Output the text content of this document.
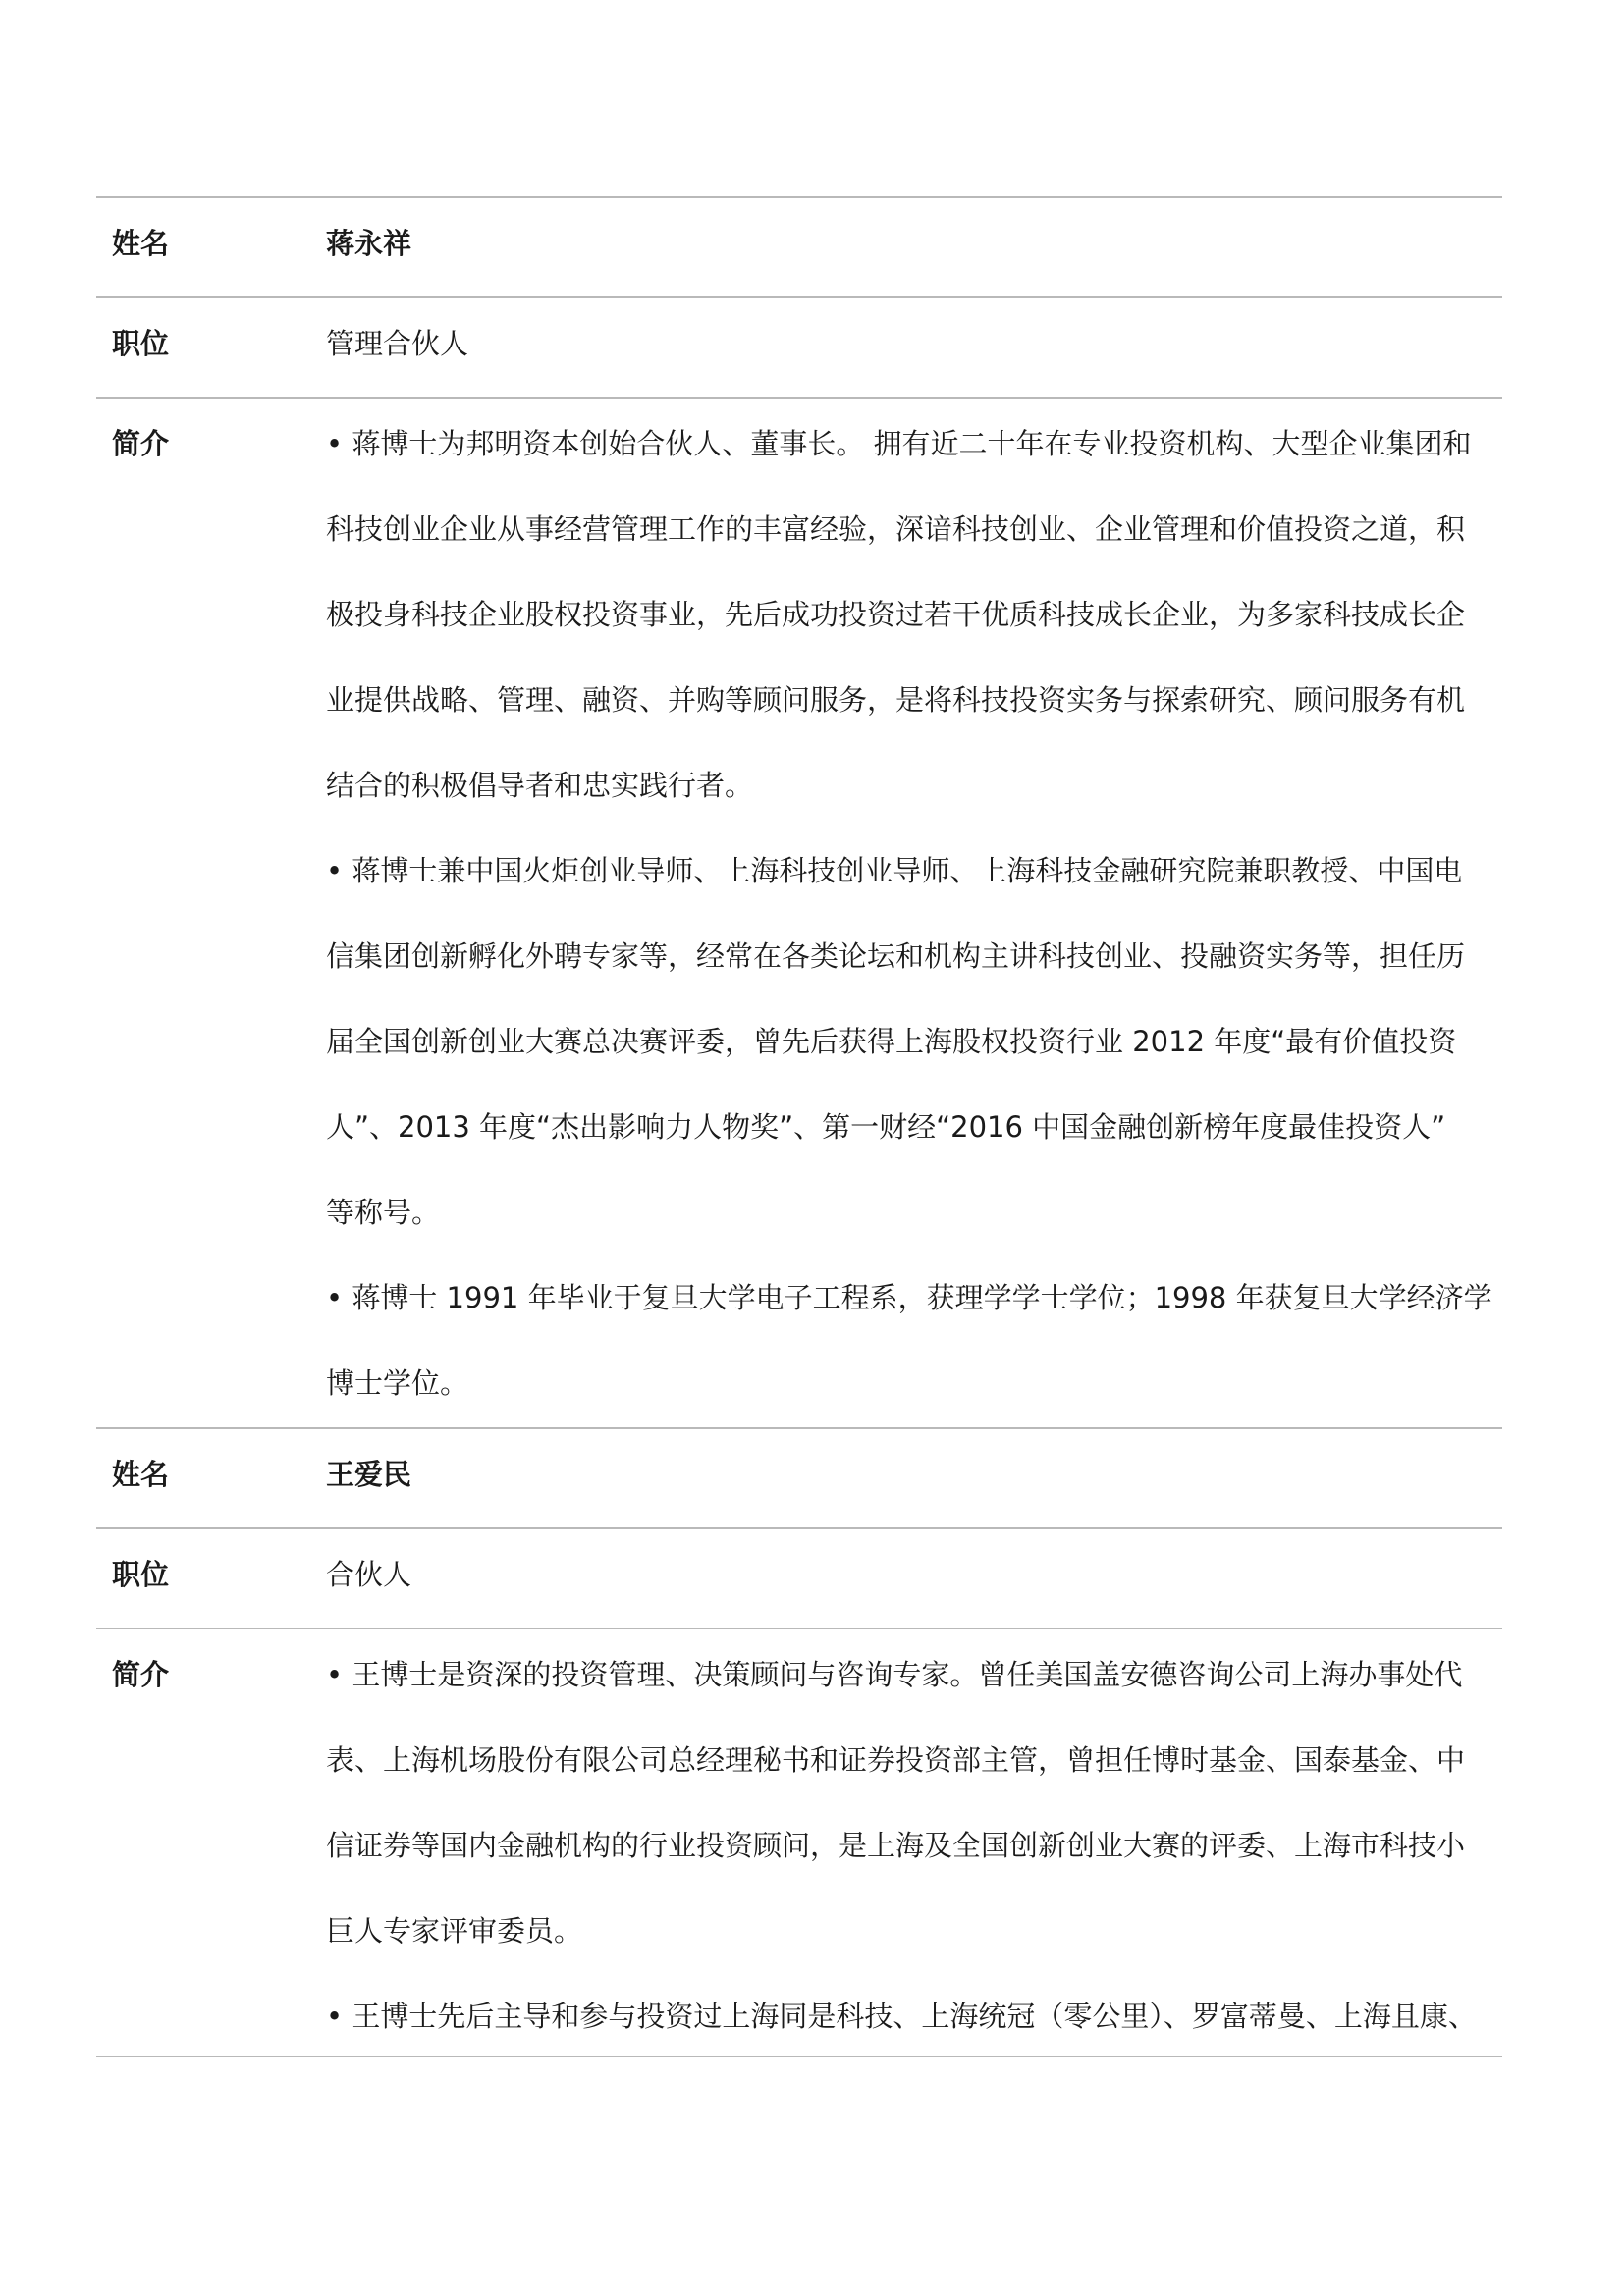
姓名	蒋永祥
职位	管理合伙人
简介	• 蒋博士为邦明资本创始合伙人、董事长。 拥有近二十年在专业投资机构、大型企业集团和
科技创业企业从事经营管理工作的丰富经验，深谙科技创业、企业管理和价值投资之道，积
极投身科技企业股权投资事业，先后成功投资过若干优质科技成长企业，为多家科技成长企
业提供战略、管理、融资、并购等顾问服务，是将科技投资实务与探索研究、顾问服务有机
结合的积极倡导者和忠实践行者。
• 蒋博士兼中国火炬创业导师、上海科技创业导师、上海科技金融研究院兼职教授、中国电
信集团创新孵化外聘专家等，经常在各类论坛和机构主讲科技创业、投融资实务等，担任历
届全国创新创业大赛总决赛评委，曾先后获得上海股权投资行业 2012 年度“最有价值投资
人”、2013 年度“杰出影响力人物奖”、第一财经“2016 中国金融创新榜年度最佳投资人”
等称号。
• 蒋博士 1991 年毕业于复旦大学电子工程系，获理学学士学位；1998 年获复旦大学经济学
博士学位。
姓名	王爱民
职位	合伙人
简介	• 王博士是资深的投资管理、决策顾问与咨询专家。曾任美国盖安德咨询公司上海办事处代
表、上海机场股份有限公司总经理秘书和证券投资部主管，曾担任博时基金、国泰基金、中
信证券等国内金融机构的行业投资顾问，是上海及全国创新创业大赛的评委、上海市科技小
巨人专家评审委员。
• 王博士先后主导和参与投资过上海同是科技、上海统冠（零公里）、罗富蒂曼、上海且康、
